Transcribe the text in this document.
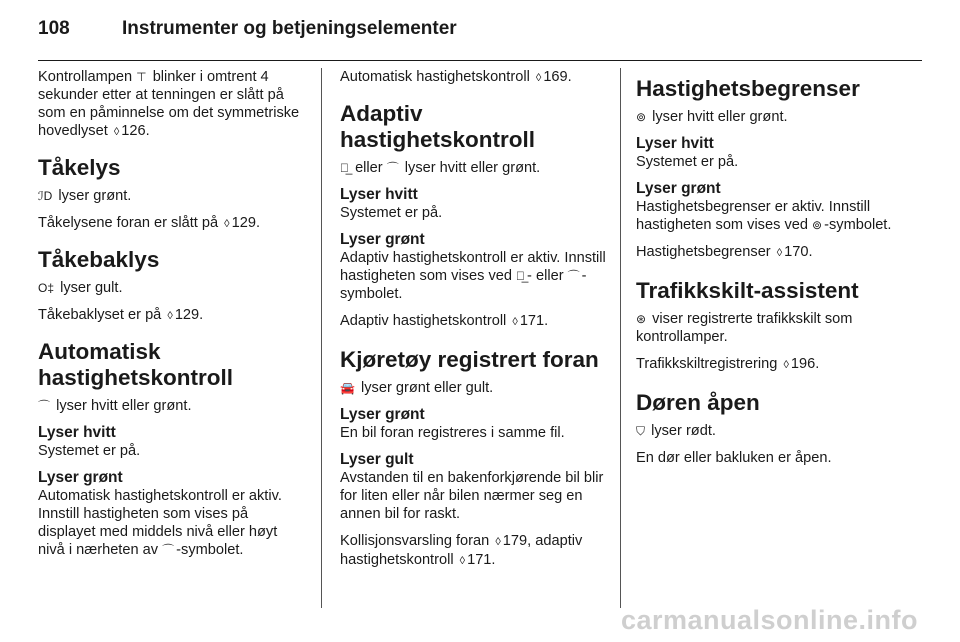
108	Instrumenter og betjeningselementer

Kontrollampen ⊤ blinker i omtrent 4 sekunder etter at tenningen er slått på som en påminnelse om det symmetriske hovedlyset ◊ 126.

Tåkelys

ℐD lyser grønt.

Tåkelysene foran er slått på ◊ 129.

Tåkebaklys

O‡ lyser gult.

Tåkebaklyset er på ◊ 129.

Automatisk
hastighetskontroll

⌒ lyser hvitt eller grønt.

Lyser hvitt

Systemet er på.

Lyser grønt

Automatisk hastighetskontroll er aktiv. Innstill hastigheten som vises på displayet med middels nivå eller høyt nivå i nærheten av ⌒ -symbolet.

Automatisk hastighetskontroll ◊ 169.

Adaptiv hastighetskontroll

⌒̲ eller ⌒ lyser hvitt eller grønt.

Lyser hvitt

Systemet er på.

Lyser grønt

Adaptiv hastighetskontroll er aktiv. Innstill hastigheten som vises ved ⌒̲ - eller ⌒ -symbolet.

Adaptiv hastighetskontroll ◊ 171.

Kjøretøy registrert foran

🚘 lyser grønt eller gult.

Lyser grønt

En bil foran registreres i samme fil.

Lyser gult

Avstanden til en bakenforkjørende bil blir for liten eller når bilen nærmer seg en annen bil for raskt.

Kollisjonsvarsling foran ◊ 179, adaptiv hastighetskontroll ◊ 171.

Hastighetsbegrenser

⊚ lyser hvitt eller grønt.

Lyser hvitt

Systemet er på.

Lyser grønt

Hastighetsbegrenser er aktiv. Innstill hastigheten som vises ved ⊚ -symbolet.

Hastighetsbegrenser ◊ 170.

Trafikkskilt-assistent

⊛ viser registrerte trafikkskilt som kontrollamper.

Trafikkskiltregistrering ◊ 196.

Døren åpen

⛉ lyser rødt.

En dør eller bakluken er åpen.

carmanualsonline.info
